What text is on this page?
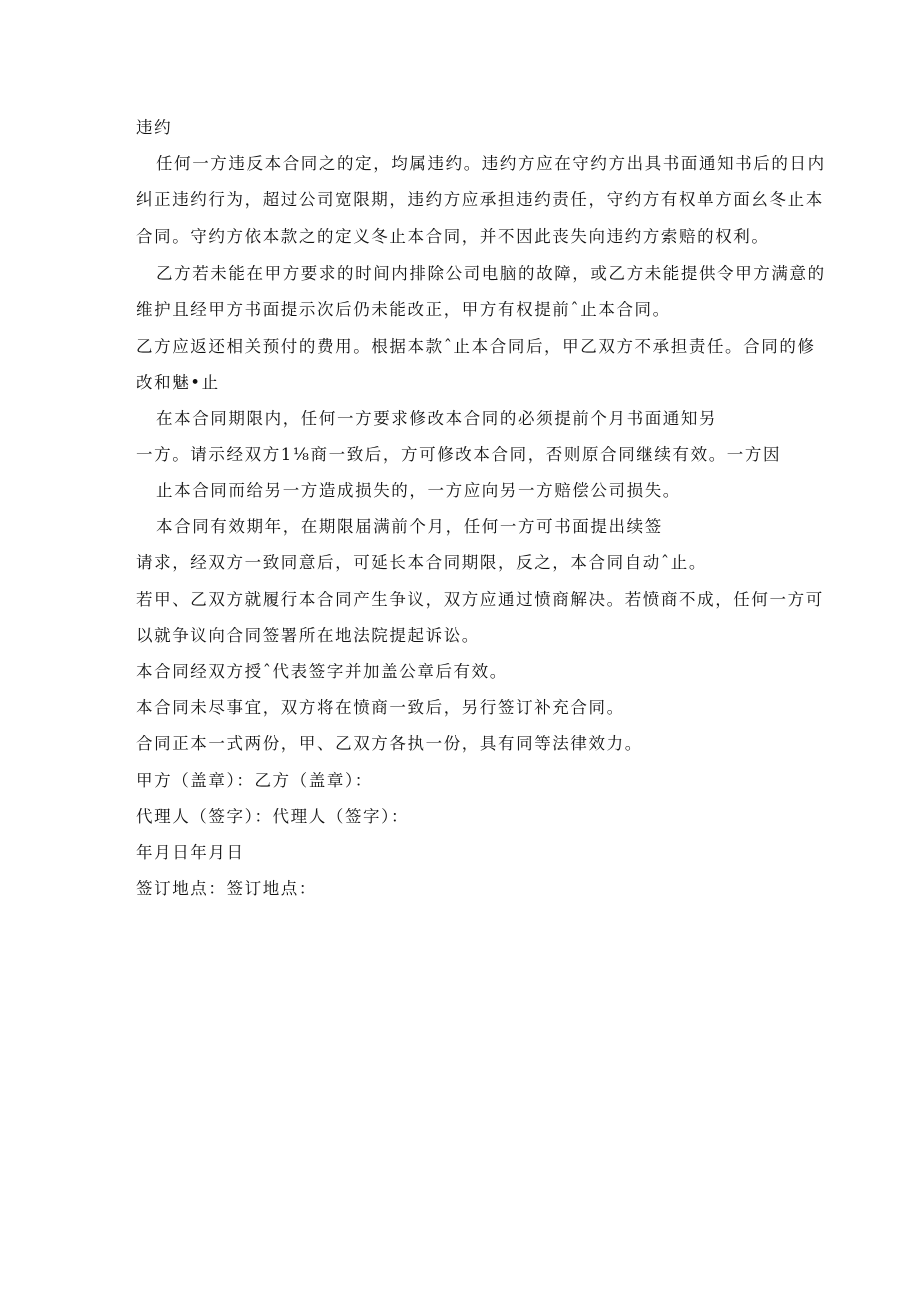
违约
任何一方违反本合同之的定，均属违约。违约方应在守约方出具书面通知书后的日内
纠正违约行为，超过公司宽限期，违约方应承担违约责任，守约方有权单方面幺冬止本
合同。守约方依本款之的定义冬止本合同，并不因此丧失向违约方索赔的权利。
乙方若未能在甲方要求的时间内排除公司电脑的故障，或乙方未能提供令甲方满意的
维护且经甲方书面提示次后仍未能改正，甲方有权提前ˆ止本合同。
乙方应返还相关预付的费用。根据本款ˆ止本合同后，甲乙双方不承担责任。合同的修
改和魅•止
在本合同期限内，任何一方要求修改本合同的必须提前个月书面通知另
一方。请示经双方1⅛商一致后，方可修改本合同，否则原合同继续有效。一方因
止本合同而给另一方造成损失的，一方应向另一方赔偿公司损失。
本合同有效期年，在期限届满前个月，任何一方可书面提出续签
请求，经双方一致同意后，可延长本合同期限，反之，本合同自动ˆ止。
若甲、乙双方就履行本合同产生争议，双方应通过愤商解决。若愤商不成，任何一方可
以就争议向合同签署所在地法院提起诉讼。
本合同经双方授ˆ代表签字并加盖公章后有效。
本合同未尽事宜，双方将在愤商一致后，另行签订补充合同。
合同正本一式两份，甲、乙双方各执一份，具有同等法律效力。
甲方（盖章）：乙方（盖章）：
代理人（签字）：代理人（签字）：
年月日年月日
签订地点：签订地点：
